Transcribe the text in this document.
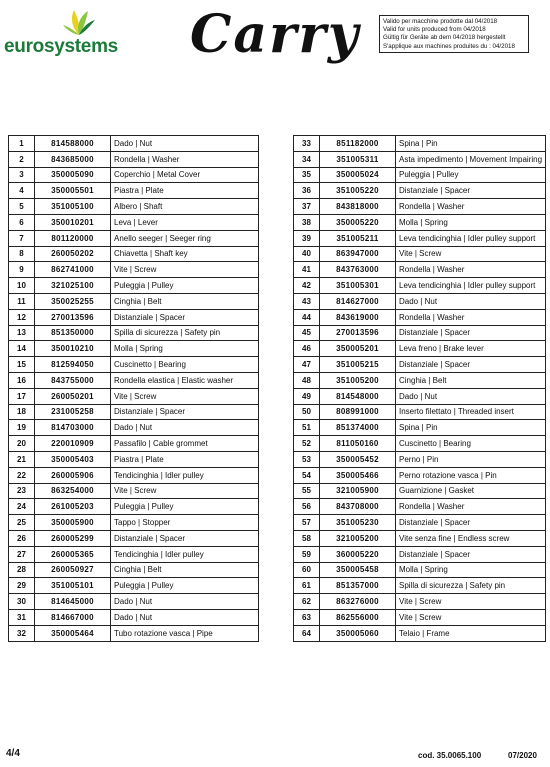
eurosystems Carry	Valido per macchine prodotte dal 04/2018
Valid for units produced from 04/2018
Gültig für Geräte ab dem 04/2018 hergestellt
S'applique aux machines produites du : 04/2018
1	814588000	Dado | Nut
2	843685000	Rondella | Washer
3	350005090	Coperchio | Metal Cover
4	350005501	Piastra | Plate
5	351005100	Albero | Shaft
6	350010201	Leva | Lever
7	801120000	Anello seeger | Seeger ring
8	260050202	Chiavetta | Shaft key
9	862741000	Vite | Screw
10	321025100	Puleggia | Pulley
11	350025255	Cinghia | Belt
12	270013596	Distanziale | Spacer
13	851350000	Spilla di sicurezza | Safety pin
14	350010210	Molla | Spring
15	812594050	Cuscinetto | Bearing
16	843755000	Rondella elastica | Elastic washer
17	260050201	Vite | Screw
18	231005258	Distanziale | Spacer
19	814703000	Dado | Nut
20	220010909	Passafilo | Cable grommet
21	350005403	Piastra | Plate
22	260005906	Tendicinghia | Idler pulley
23	863254000	Vite | Screw
24	261005203	Puleggia | Pulley
25	350005900	Tappo | Stopper
26	260005299	Distanziale | Spacer
27	260005365	Tendicinghia | Idler pulley
28	260050927	Cinghia | Belt
29	351005101	Puleggia | Pulley
30	814645000	Dado | Nut
31	814667000	Dado | Nut
32	350005464	Tubo rotazione vasca | Pipe
33	851182000	Spina | Pin
34	351005311	Asta impedimento | Movement Impairing
35	350005024	Puleggia | Pulley
36	351005220	Distanziale | Spacer
37	843818000	Rondella | Washer
38	350005220	Molla | Spring
39	351005211	Leva tendicinghia | Idler pulley support
40	863947000	Vite | Screw
41	843763000	Rondella | Washer
42	351005301	Leva tendicinghia | Idler pulley support
43	814627000	Dado | Nut
44	843619000	Rondella | Washer
45	270013596	Distanziale | Spacer
46	350005201	Leva freno | Brake lever
47	351005215	Distanziale | Spacer
48	351005200	Cinghia | Belt
49	814548000	Dado | Nut
50	808991000	Inserto filettato | Threaded insert
51	851374000	Spina | Pin
52	811050160	Cuscinetto | Bearing
53	350005452	Perno | Pin
54	350005466	Perno rotazione vasca | Pin
55	321005900	Guarnizione | Gasket
56	843708000	Rondella | Washer
57	351005230	Distanziale | Spacer
58	321005200	Vite senza fine | Endless screw
59	360005220	Distanziale | Spacer
60	350005458	Molla | Spring
61	851357000	Spilla di sicurezza | Safety pin
62	863276000	Vite | Screw
63	862556000	Vite | Screw
64	350005060	Telaio | Frame
4/4	cod. 35.0065.100	07/2020
